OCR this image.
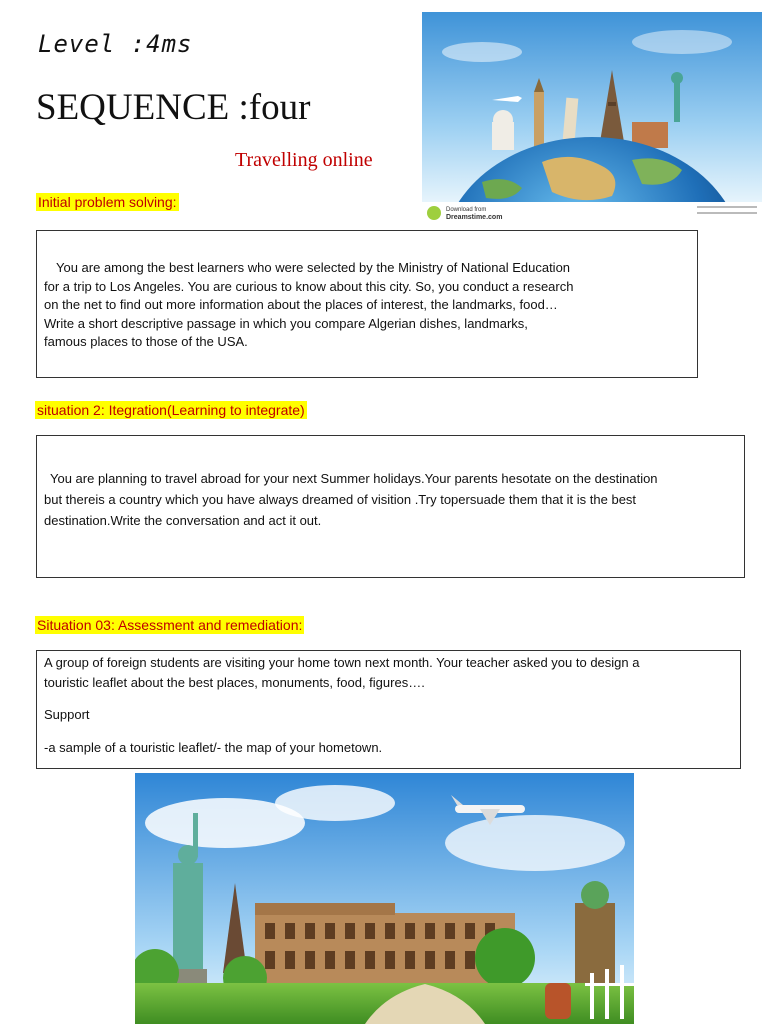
Level :4ms
SEQUENCE :four
Travelling online
Download from
Dreamstime.com
Initial problem solving:

You are among the best learners who were selected by the Ministry of National Education

for a trip to Los Angeles. You are curious to know about this city. So, you conduct a research

on the net to find out more information about the places of interest, the landmarks, food…

Write a short descriptive passage in which you compare Algerian dishes, landmarks,

famous places to those of the USA.

situation 2: Itegration(Learning to integrate)

You are planning to travel abroad for your next Summer holidays.Your parents hesotate on the destination

but thereis a country which you have always dreamed of visition .Try topersuade them that it is the best

destination.Write the conversation and act it out.

Situation 03: Assessment and remediation:

A group of foreign students are visiting your home town next month. Your teacher asked you to design a

touristic leaflet about the best places, monuments, food, figures….

Support

-a sample of a touristic leaflet/- the map of your hometown.
